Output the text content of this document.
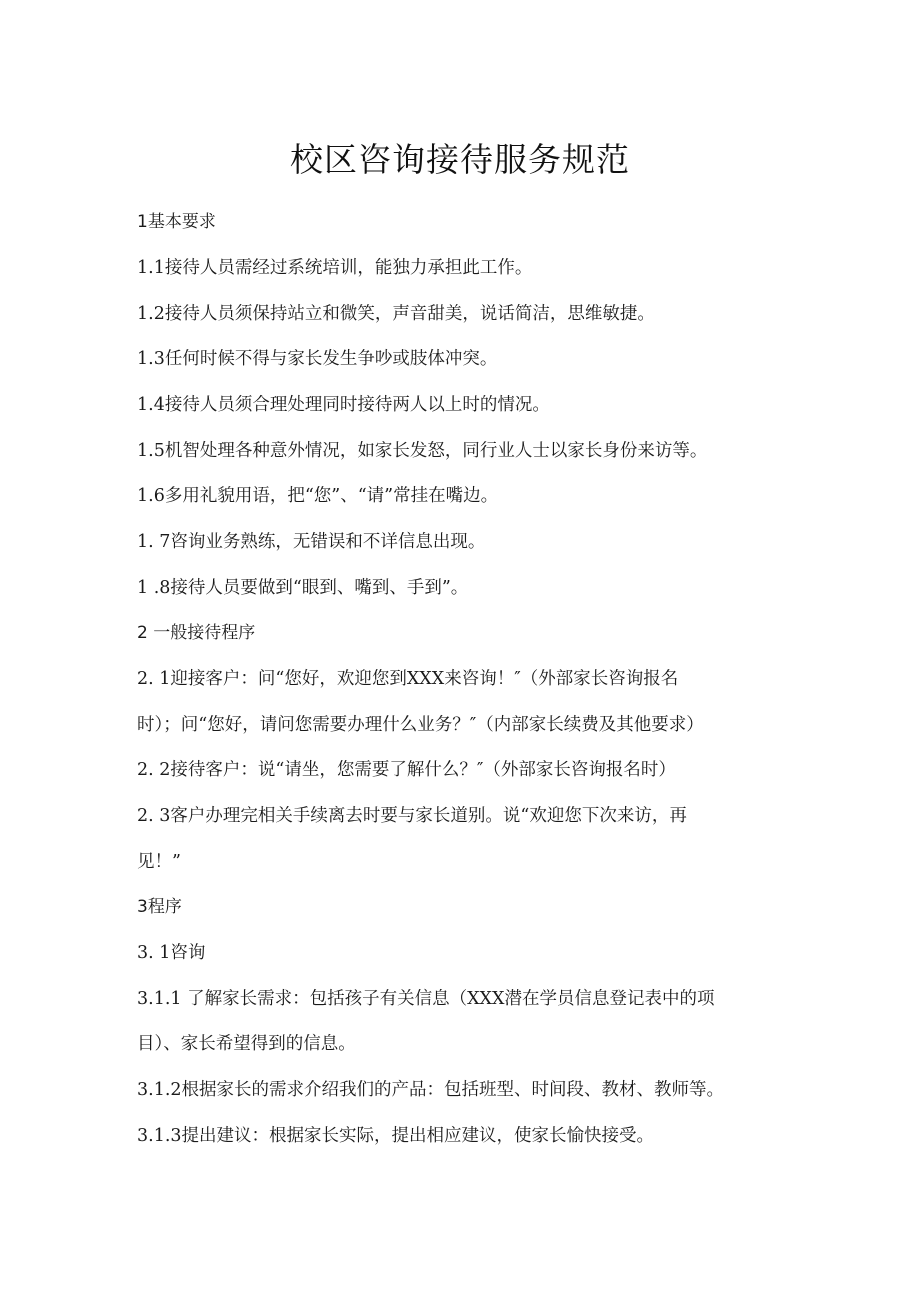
校区咨询接待服务规范
1基本要求
1.1接待人员需经过系统培训，能独力承担此工作。
1.2接待人员须保持站立和微笑，声音甜美，说话简洁，思维敏捷。
1.3任何时候不得与家长发生争吵或肢体冲突。
1.4接待人员须合理处理同时接待两人以上时的情况。
1.5机智处理各种意外情况，如家长发怒，同行业人士以家长身份来访等。
1.6多用礼貌用语，把“您”、“请”常挂在嘴边。
1. 7咨询业务熟练，无错误和不详信息出现。
1 .8接待人员要做到“眼到、嘴到、手到”。
2 一般接待程序
2. 1迎接客户：问“您好，欢迎您到XXX来咨询！″（外部家长咨询报名
时）；问“您好，请问您需要办理什么业务？″（内部家长续费及其他要求）
2. 2接待客户：说“请坐，您需要了解什么？″（外部家长咨询报名时）
2. 3客户办理完相关手续离去时要与家长道别。说“欢迎您下次来访，再
见！”
3程序
3. 1咨询
3.1.1 了解家长需求：包括孩子有关信息（XXX潜在学员信息登记表中的项
目）、家长希望得到的信息。
3.1.2根据家长的需求介绍我们的产品：包括班型、时间段、教材、教师等。
3.1.3提出建议：根据家长实际，提出相应建议，使家长愉快接受。
